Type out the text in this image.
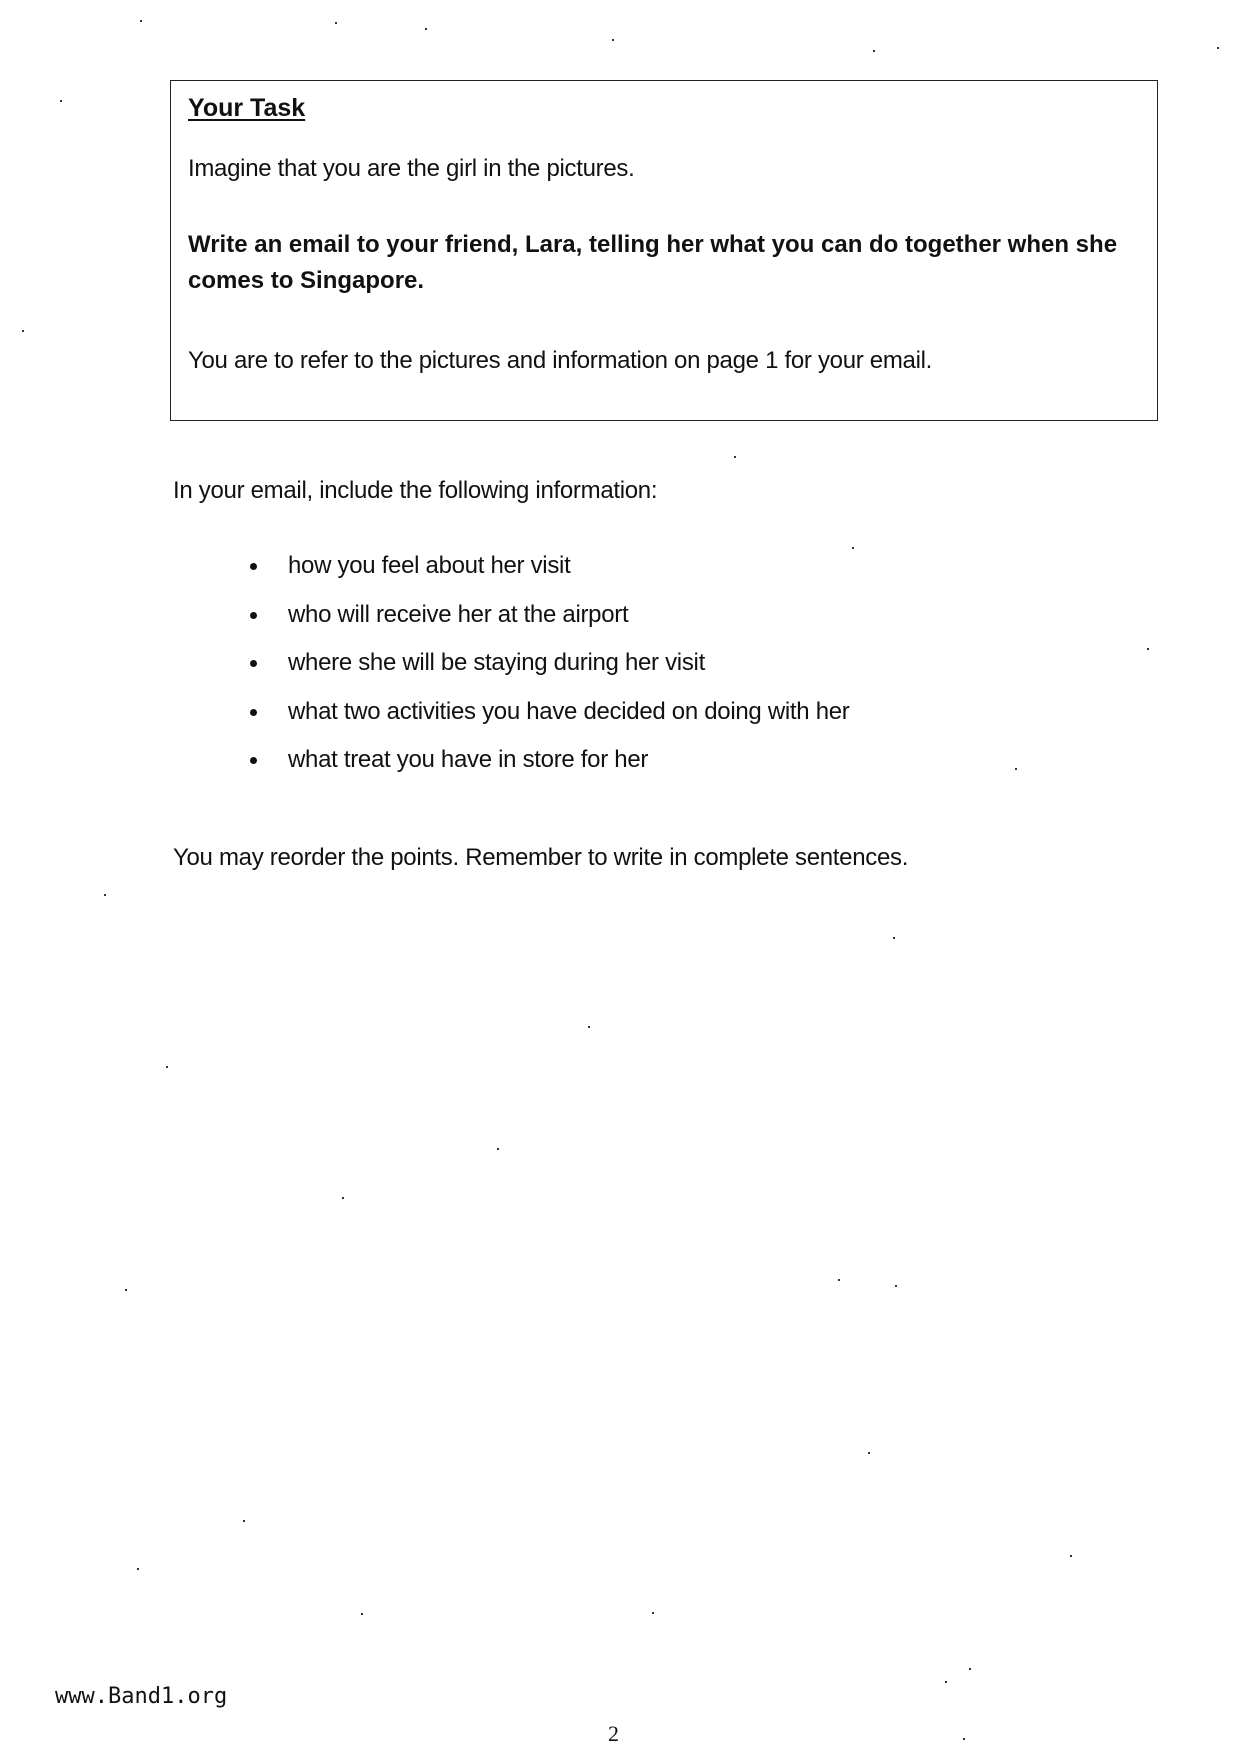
Your Task

Imagine that you are the girl in the pictures.

Write an email to your friend, Lara, telling her what you can do together when she comes to Singapore.

You are to refer to the pictures and information on page 1 for your email.

In your email, include the following information:

how you feel about her visit
who will receive her at the airport
where she will be staying during her visit
what two activities you have decided on doing with her
what treat you have in store for her

You may reorder the points. Remember to write in complete sentences.

www.Band1.org

2
